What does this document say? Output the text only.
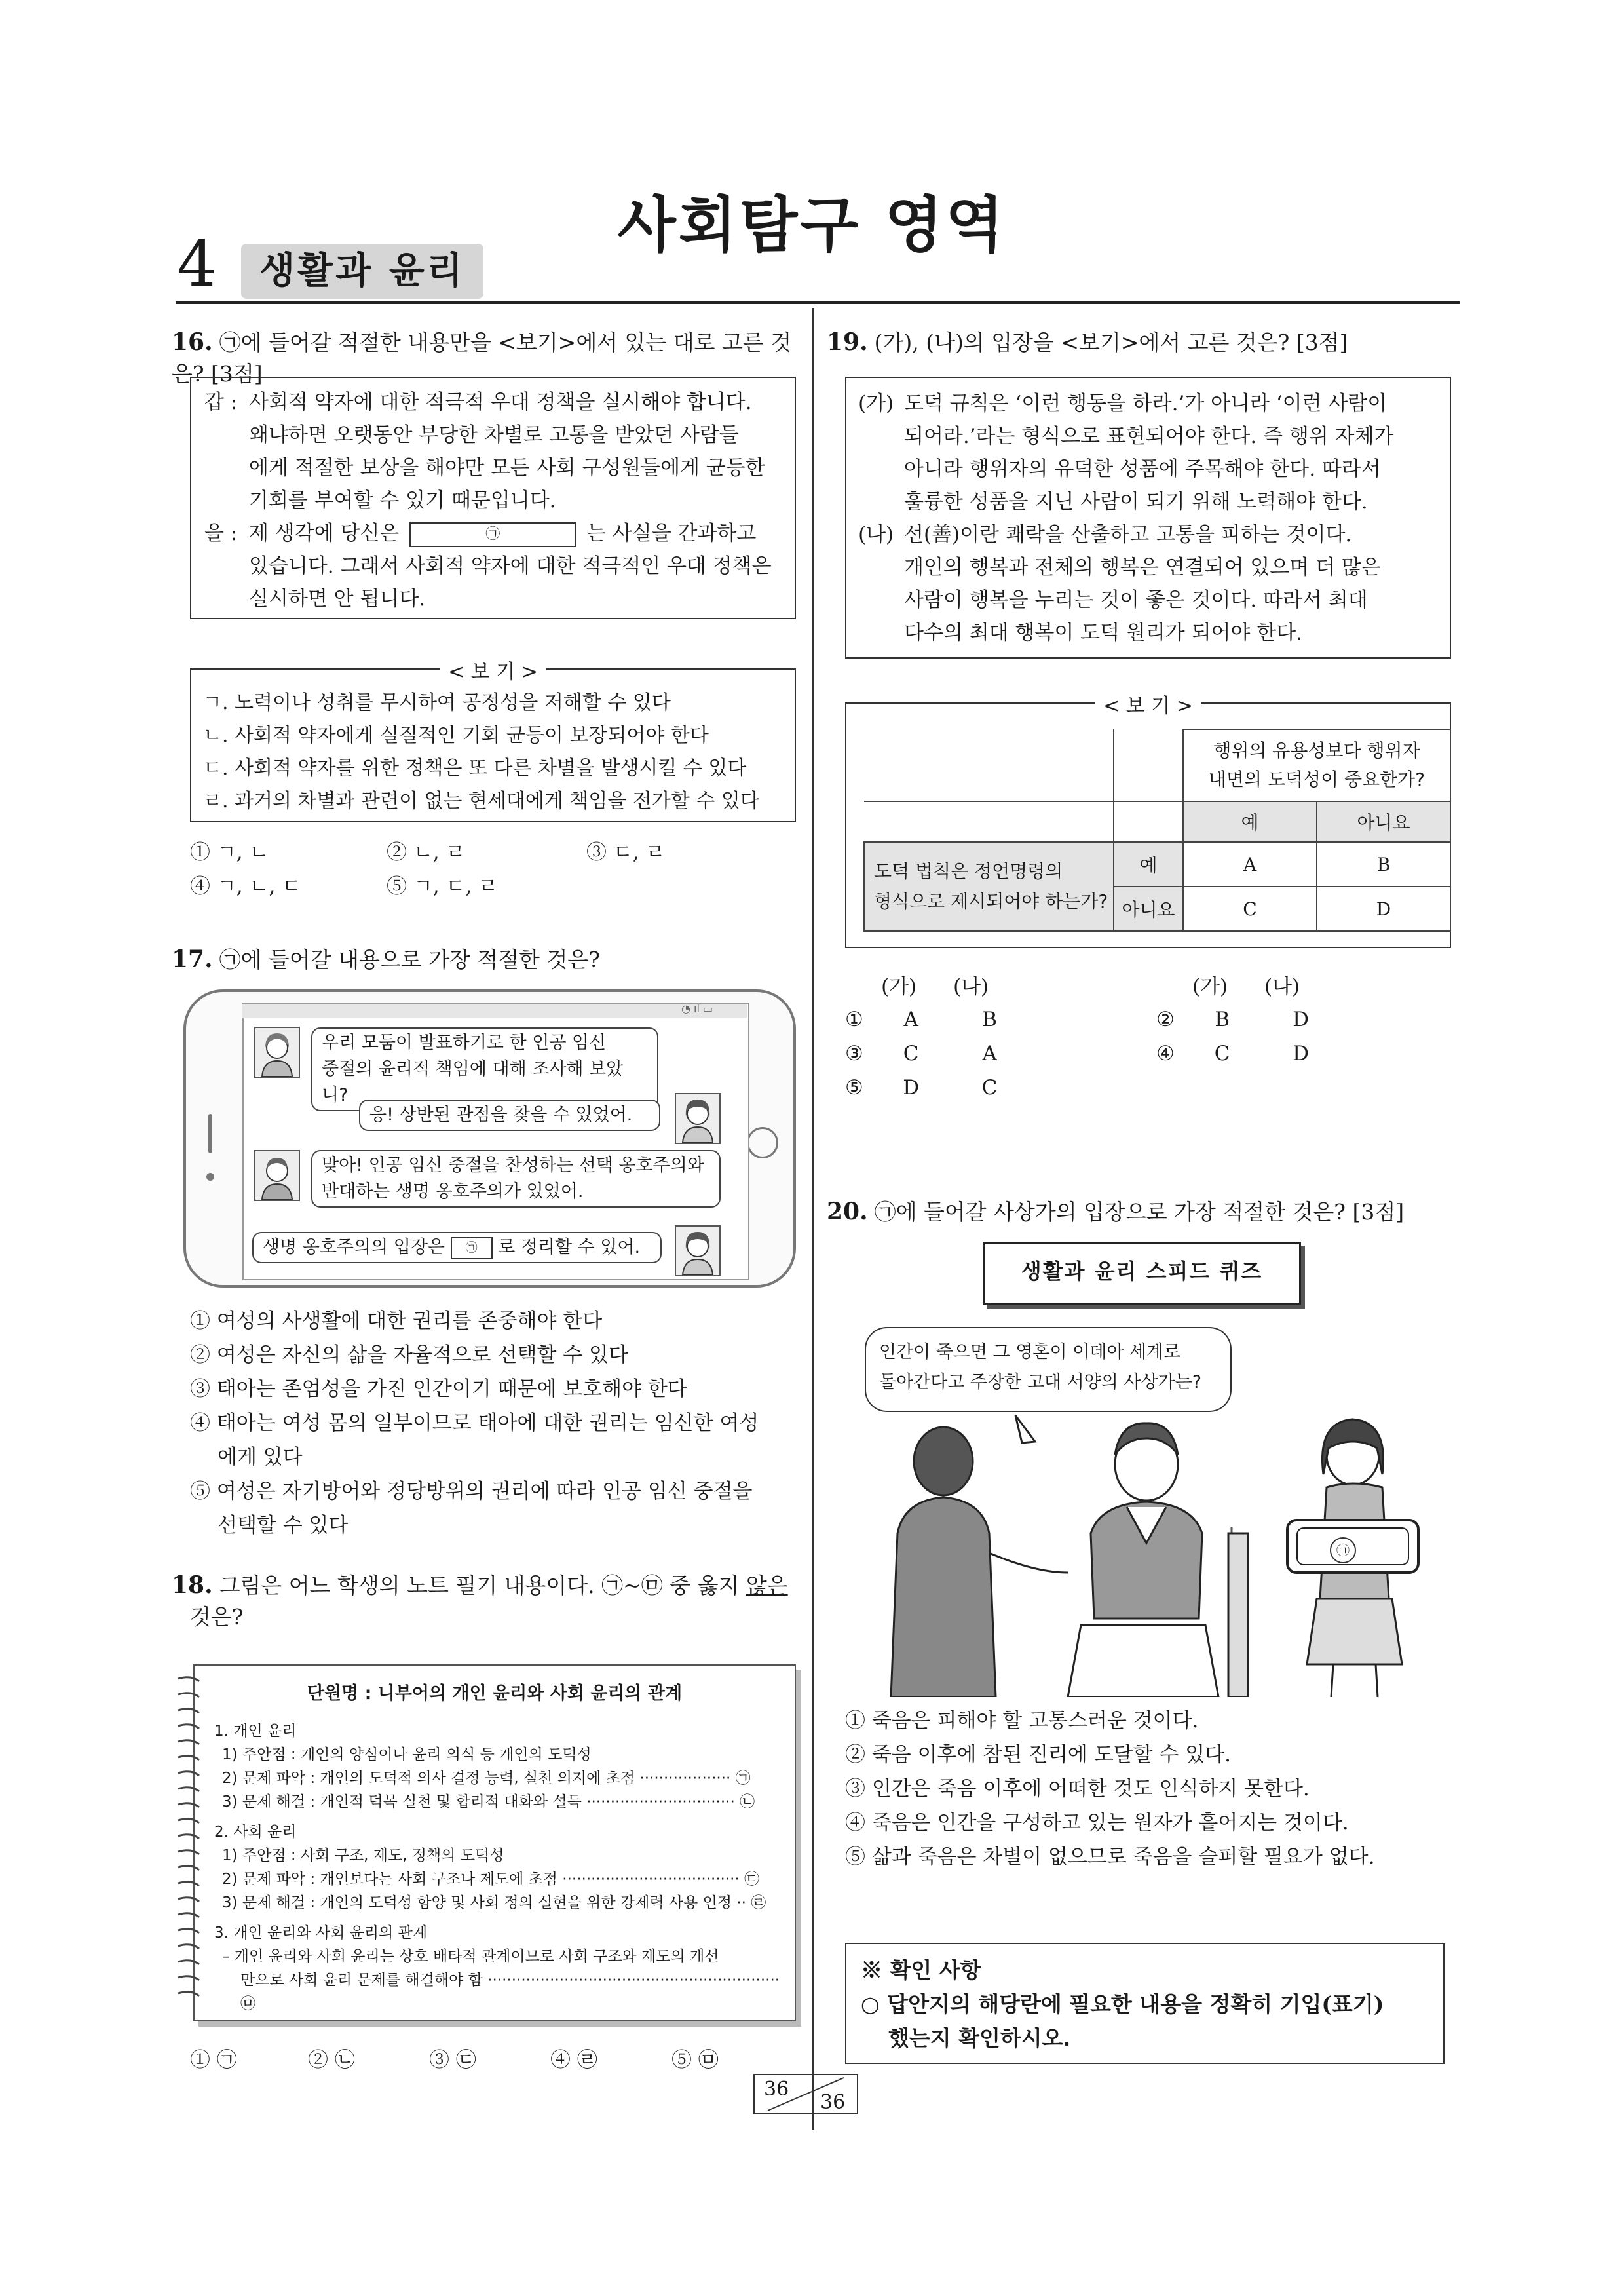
사회탐구 영역
4	생활과 윤리
16. ㉠에 들어갈 적절한 내용만을 <보기>에서 있는 대로 고른 것은? [3점]
갑 : 사회적 약자에 대한 적극적 우대 정책을 실시해야 합니다.
왜냐하면 오랫동안 부당한 차별로 고통을 받았던 사람들
에게 적절한 보상을 해야만 모든 사회 구성원들에게 균등한
기회를 부여할 수 있기 때문입니다.
을 : 제 생각에 당신은	㉠	는 사실을 간과하고
있습니다. 그래서 사회적 약자에 대한 적극적인 우대 정책은
실시하면 안 됩니다.
< 보 기 >
ㄱ. 노력이나 성취를 무시하여 공정성을 저해할 수 있다
ㄴ. 사회적 약자에게 실질적인 기회 균등이 보장되어야 한다
ㄷ. 사회적 약자를 위한 정책은 또 다른 차별을 발생시킬 수 있다
ㄹ. 과거의 차별과 관련이 없는 현세대에게 책임을 전가할 수 있다
① ㄱ, ㄴ	② ㄴ, ㄹ	③ ㄷ, ㄹ
④ ㄱ, ㄴ, ㄷ	⑤ ㄱ, ㄷ, ㄹ
17. ㉠에 들어갈 내용으로 가장 적절한 것은?
◔ ıl ▭
우리 모둠이 발표하기로 한 인공 임신
중절의 윤리적 책임에 대해 조사해 보았니?
응! 상반된 관점을 찾을 수 있었어.
맞아! 인공 임신 중절을 찬성하는 선택 옹호주의와
반대하는 생명 옹호주의가 있었어.
생명 옹호주의의 입장은 ㉠ 로 정리할 수 있어.
① 여성의 사생활에 대한 권리를 존중해야 한다
② 여성은 자신의 삶을 자율적으로 선택할 수 있다
③ 태아는 존엄성을 가진 인간이기 때문에 보호해야 한다
④ 태아는 여성 몸의 일부이므로 태아에 대한 권리는 임신한 여성
에게 있다
⑤ 여성은 자기방어와 정당방위의 권리에 따라 인공 임신 중절을
선택할 수 있다
18. 그림은 어느 학생의 노트 필기 내용이다. ㉠~㉤ 중 옳지 않은
것은?
단원명 : 니부어의 개인 윤리와 사회 윤리의 관계
1. 개인 윤리
1) 주안점 : 개인의 양심이나 윤리 의식 등 개인의 도덕성
2) 문제 파악 : 개인의 도덕적 의사 결정 능력, 실천 의지에 초점 ··················· ㉠
3) 문제 해결 : 개인적 덕목 실천 및 합리적 대화와 설득 ······························· ㉡
2. 사회 윤리
1) 주안점 : 사회 구조, 제도, 정책의 도덕성
2) 문제 파악 : 개인보다는 사회 구조나 제도에 초점 ····································· ㉢
3) 문제 해결 : 개인의 도덕성 함양 및 사회 정의 실현을 위한 강제력 사용 인정 ·· ㉣
3. 개인 윤리와 사회 윤리의 관계
– 개인 윤리와 사회 윤리는 상호 배타적 관계이므로 사회 구조와 제도의 개선
만으로 사회 윤리 문제를 해결해야 함 ····························································· ㉤
① ㉠	② ㉡	③ ㉢	④ ㉣	⑤ ㉤
19. (가), (나)의 입장을 <보기>에서 고른 것은? [3점]
(가) 도덕 규칙은 ‘이런 행동을 하라.’가 아니라 ‘이런 사람이
되어라.’라는 형식으로 표현되어야 한다. 즉 행위 자체가
아니라 행위자의 유덕한 성품에 주목해야 한다. 따라서
훌륭한 성품을 지닌 사람이 되기 위해 노력해야 한다.
(나) 선(善)이란 쾌락을 산출하고 고통을 피하는 것이다.
개인의 행복과 전체의 행복은 연결되어 있으며 더 많은
사람이 행복을 누리는 것이 좋은 것이다. 따라서 최대
다수의 최대 행복이 도덕 원리가 되어야 한다.
< 보 기 >

		행위의 유용성보다 행위자
내면의 도덕성이 중요한가?	

		예	아니요

도덕 법칙은 정언명령의
형식으로 제시되어야 하는가?	예	A	B
	아니요	C	D
(가) (나)	(가) (나)
① A	B	② B	D
③ C	A	④ C	D
⑤ D	C
20. ㉠에 들어갈 사상가의 입장으로 가장 적절한 것은? [3점]
생활과 윤리 스피드 퀴즈
인간이 죽으면 그 영혼이 이데아 세계로
돌아간다고 주장한 고대 서양의 사상가는?
㉠
① 죽음은 피해야 할 고통스러운 것이다.
② 죽음 이후에 참된 진리에 도달할 수 있다.
③ 인간은 죽음 이후에 어떠한 것도 인식하지 못한다.
④ 죽음은 인간을 구성하고 있는 원자가 흩어지는 것이다.
⑤ 삶과 죽음은 차별이 없으므로 죽음을 슬퍼할 필요가 없다.
※ 확인 사항
○ 답안지의 해당란에 필요한 내용을 정확히 기입(표기)
했는지 확인하시오.
36
36
